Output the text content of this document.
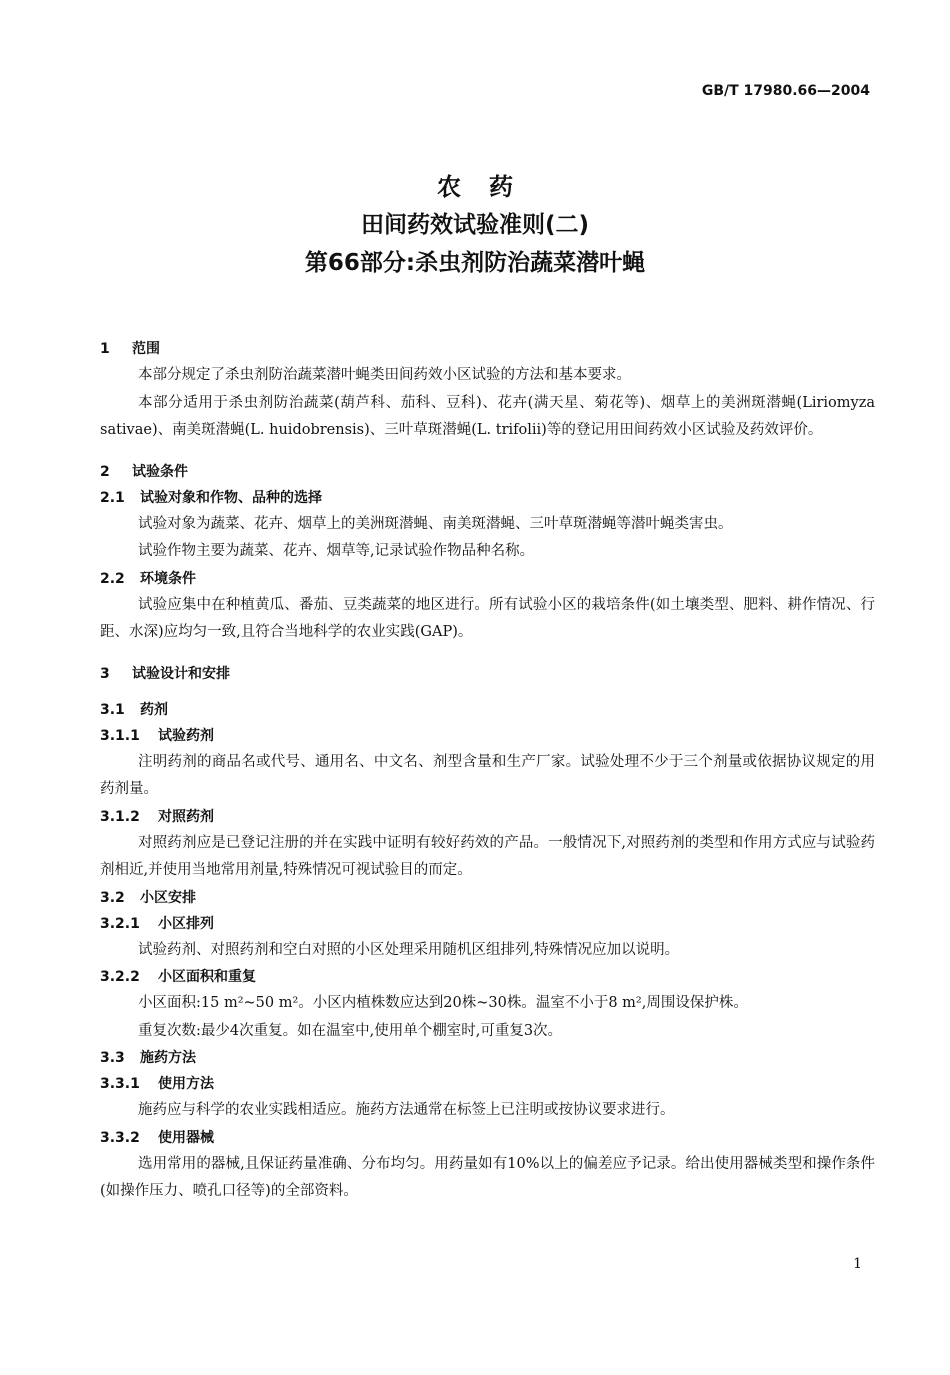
GB/T 17980.66—2004
农药
田间药效试验准则(二)
第66部分:杀虫剂防治蔬菜潜叶蝇
1 范围
本部分规定了杀虫剂防治蔬菜潜叶蝇类田间药效小区试验的方法和基本要求。
本部分适用于杀虫剂防治蔬菜(葫芦科、茄科、豆科)、花卉(满天星、菊花等)、烟草上的美洲斑潜蝇(Liriomyza sativae)、南美斑潜蝇(L. huidobrensis)、三叶草斑潜蝇(L. trifolii)等的登记用田间药效小区试验及药效评价。
2 试验条件
2.1 试验对象和作物、品种的选择
试验对象为蔬菜、花卉、烟草上的美洲斑潜蝇、南美斑潜蝇、三叶草斑潜蝇等潜叶蝇类害虫。
试验作物主要为蔬菜、花卉、烟草等,记录试验作物品种名称。
2.2 环境条件
试验应集中在种植黄瓜、番茄、豆类蔬菜的地区进行。所有试验小区的栽培条件(如土壤类型、肥料、耕作情况、行距、水深)应均匀一致,且符合当地科学的农业实践(GAP)。
3 试验设计和安排
3.1 药剂
3.1.1 试验药剂
注明药剂的商品名或代号、通用名、中文名、剂型含量和生产厂家。试验处理不少于三个剂量或依据协议规定的用药剂量。
3.1.2 对照药剂
对照药剂应是已登记注册的并在实践中证明有较好药效的产品。一般情况下,对照药剂的类型和作用方式应与试验药剂相近,并使用当地常用剂量,特殊情况可视试验目的而定。
3.2 小区安排
3.2.1 小区排列
试验药剂、对照药剂和空白对照的小区处理采用随机区组排列,特殊情况应加以说明。
3.2.2 小区面积和重复
小区面积:15 m²~50 m²。小区内植株数应达到20株~30株。温室不小于8 m²,周围设保护株。
重复次数:最少4次重复。如在温室中,使用单个棚室时,可重复3次。
3.3 施药方法
3.3.1 使用方法
施药应与科学的农业实践相适应。施药方法通常在标签上已注明或按协议要求进行。
3.3.2 使用器械
选用常用的器械,且保证药量准确、分布均匀。用药量如有10%以上的偏差应予记录。给出使用器械类型和操作条件(如操作压力、喷孔口径等)的全部资料。
1
